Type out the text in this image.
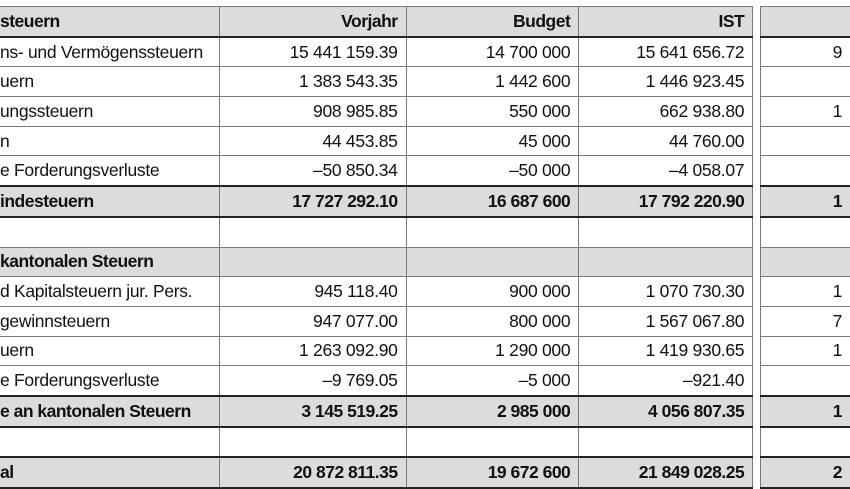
steuern	Vorjahr	Budget	IST		
ns- und Vermögenssteuern	15 441 159.39	14 700 000	15 641 656.72		9
uern	1 383 543.35	1 442 600	1 446 923.45		
ungssteuern	908 985.85	550 000	662 938.80		1
n	44 453.85	45 000	44 760.00		
e Forderungsverluste	–50 850.34	–50 000	–4 058.07		
indesteuern	17 727 292.10	16 687 600	17 792 220.90		1

kantonalen Steuern					
d Kapitalsteuern jur. Pers.	945 118.40	900 000	1 070 730.30		1
gewinnsteuern	947 077.00	800 000	1 567 067.80		7
uern	1 263 092.90	1 290 000	1 419 930.65		1
e Forderungsverluste	–9 769.05	–5 000	–921.40		
e an kantonalen Steuern	3 145 519.25	2 985 000	4 056 807.35		1

al	20 872 811.35	19 672 600	21 849 028.25		2
